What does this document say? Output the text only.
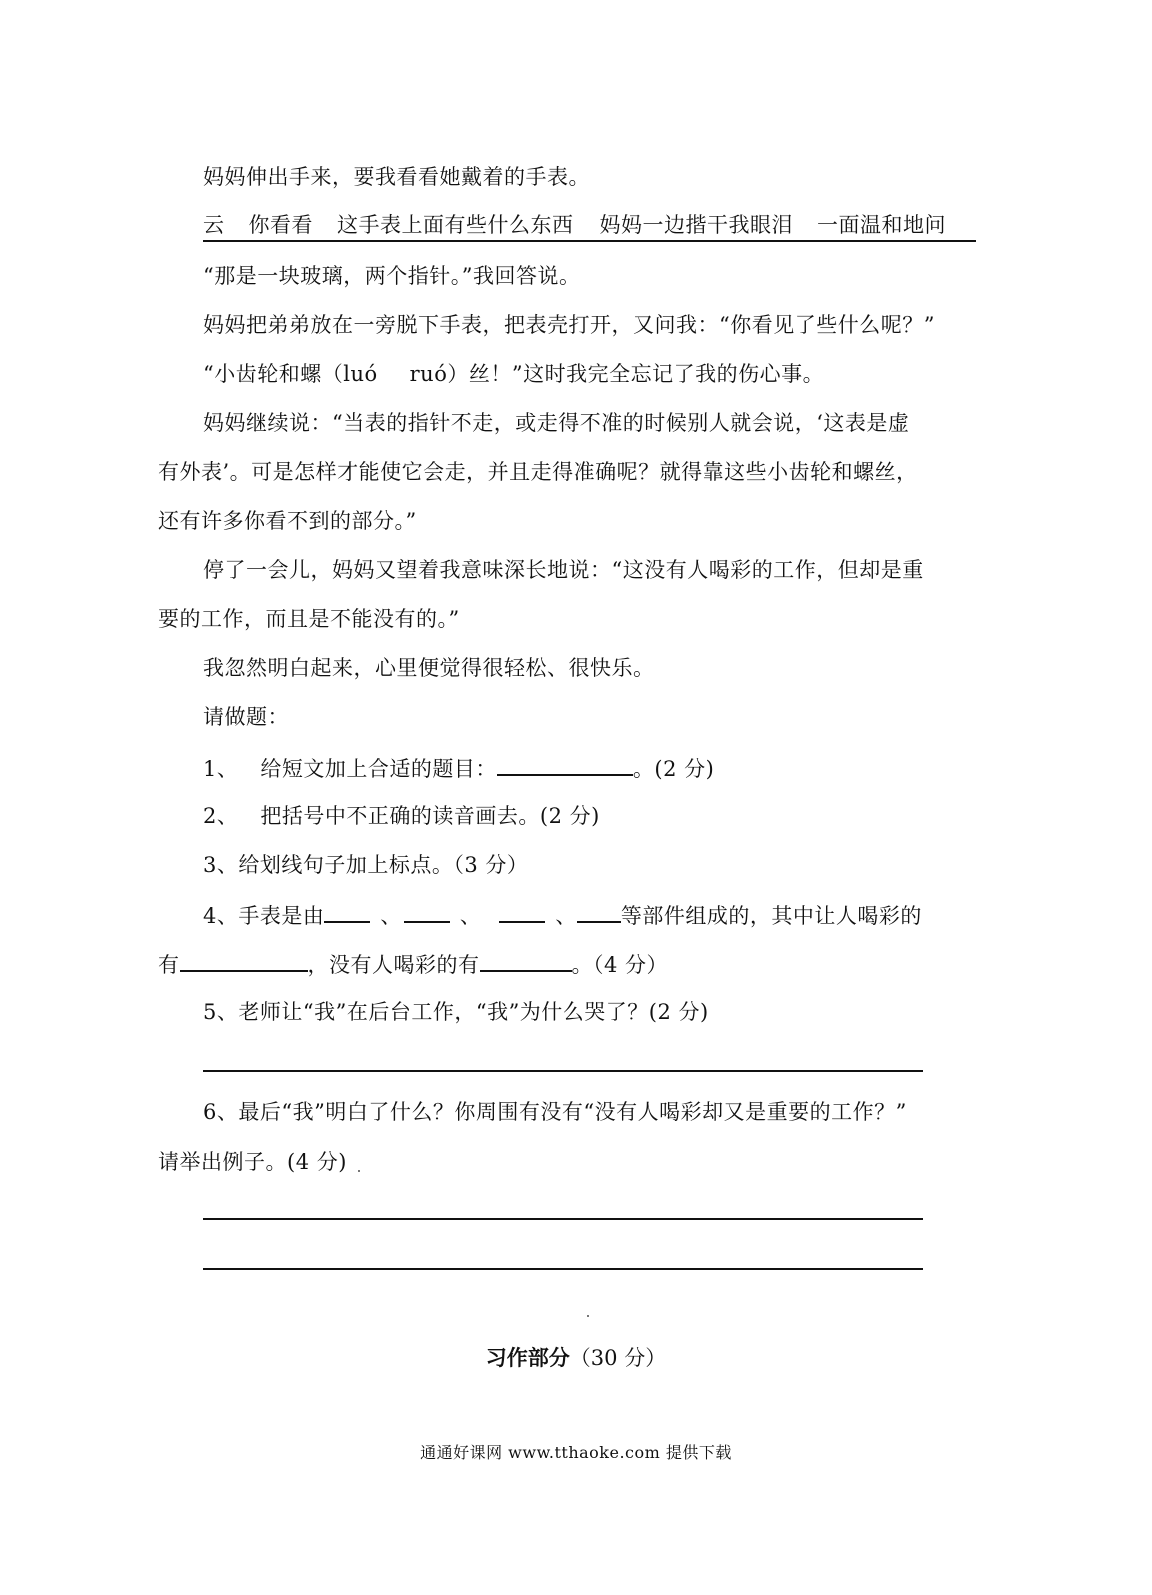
妈妈伸出手来，要我看看她戴着的手表。
云 你看看 这手表上面有些什么东西 妈妈一边揩干我眼泪 一面温和地问
“那是一块玻璃，两个指针。”我回答说。
妈妈把弟弟放在一旁脱下手表，把表壳打开，又问我：“你看见了些什么呢？”
“小齿轮和螺（luó ruó）丝！”这时我完全忘记了我的伤心事。
妈妈继续说：“当表的指针不走，或走得不准的时候别人就会说，‘这表是虚
有外表’。可是怎样才能使它会走，并且走得准确呢？就得靠这些小齿轮和螺丝，
还有许多你看不到的部分。”
停了一会儿，妈妈又望着我意味深长地说：“这没有人喝彩的工作，但却是重
要的工作，而且是不能没有的。”
我忽然明白起来，心里便觉得很轻松、很快乐。
请做题：
1、 给短文加上合适的题目：	。(2 分)
2、 把括号中不正确的读音画去。(2 分)
3、给划线句子加上标点。（3 分）
4、手表是由	、	、	、 等部件组成的，其中让人喝彩的
有	，没有人喝彩的有	。（4 分）
5、老师让“我”在后台工作，“我”为什么哭了？(2 分)
6、最后“我”明白了什么？你周围有没有“没有人喝彩却又是重要的工作？”
请举出例子。(4 分)
习作部分（30 分）
通通好课网 www.tthaoke.com 提供下载
